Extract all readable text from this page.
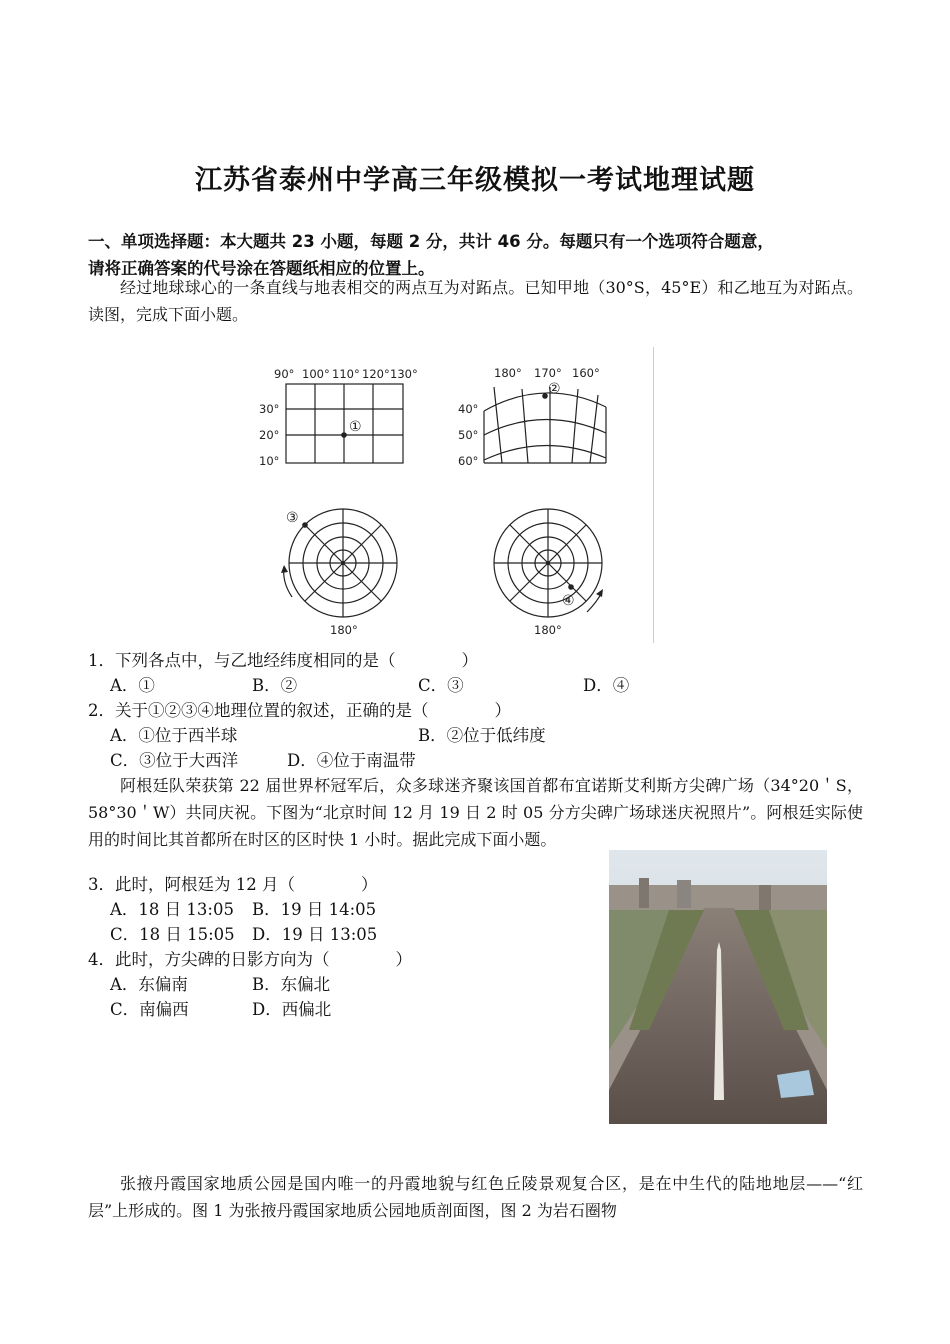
江苏省泰州中学高三年级模拟一考试地理试题
一、单项选择题：本大题共 23 小题，每题 2 分，共计 46 分。每题只有一个选项符合题意，
请将正确答案的代号涂在答题纸相应的位置上。
经过地球球心的一条直线与地表相交的两点互为对跖点。已知甲地（30°S，45°E）和乙地互为对跖点。读图，完成下面小题。
90° 100° 110° 120° 130°
30°
20°
10°
①
180° 170° 160°
40°
50°
60°
②
③
180°
④
180°
1．下列各点中，与乙地经纬度相同的是（　　　　）
A．①	B．②	C．③	D．④
2．关于①②③④地理位置的叙述，正确的是（　　　　）
A．①位于西半球	B．②位于低纬度
C．③位于大西洋	D．④位于南温带
阿根廷队荣获第 22 届世界杯冠军后，众多球迷齐聚该国首都布宜诺斯艾利斯方尖碑广场（34°20＇S，58°30＇W）共同庆祝。下图为“北京时间 12 月 19 日 2 时 05 分方尖碑广场球迷庆祝照片”。阿根廷实际使用的时间比其首都所在时区的区时快 1 小时。据此完成下面小题。
3．此时，阿根廷为 12 月（　　　　）
A．18 日 13:05 B．19 日 14:05
C．18 日 15:05 D．19 日 13:05
4．此时，方尖碑的日影方向为（　　　　）
A．东偏南	B．东偏北
C．南偏西	D．西偏北
张掖丹霞国家地质公园是国内唯一的丹霞地貌与红色丘陵景观复合区，是在中生代的陆地地层——“红层”上形成的。图 1 为张掖丹霞国家地质公园地质剖面图，图 2 为岩石圈物
